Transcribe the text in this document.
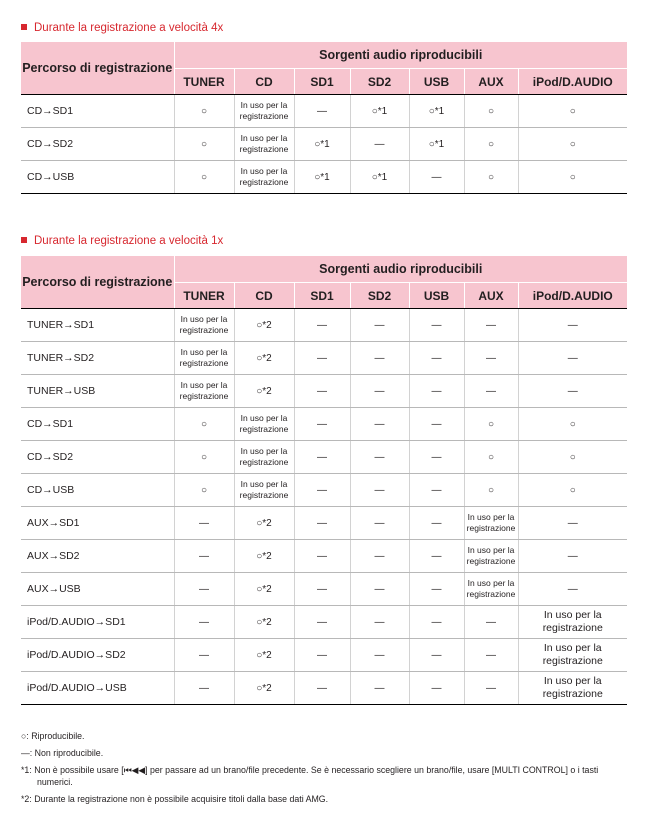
Durante la registrazione a velocità 4x
Percorso di registrazione	Sorgenti audio riproducibili						
	TUNER	CD	SD1	SD2	USB	AUX	iPod/D.AUDIO
CD→SD1	○	In uso per la registrazione	—	○*1	○*1	○	○
CD→SD2	○	In uso per la registrazione	○*1	—	○*1	○	○
CD→USB	○	In uso per la registrazione	○*1	○*1	—	○	○
Durante la registrazione a velocità 1x
Percorso di registrazione	Sorgenti audio riproducibili						
	TUNER	CD	SD1	SD2	USB	AUX	iPod/D.AUDIO
TUNER→SD1	In uso per la registrazione	○*2	—	—	—	—	—
TUNER→SD2	In uso per la registrazione	○*2	—	—	—	—	—
TUNER→USB	In uso per la registrazione	○*2	—	—	—	—	—
CD→SD1	○	In uso per la registrazione	—	—	—	○	○
CD→SD2	○	In uso per la registrazione	—	—	—	○	○
CD→USB	○	In uso per la registrazione	—	—	—	○	○
AUX→SD1	—	○*2	—	—	—	In uso per la registrazione	—
AUX→SD2	—	○*2	—	—	—	In uso per la registrazione	—
AUX→USB	—	○*2	—	—	—	In uso per la registrazione	—
iPod/D.AUDIO→SD1	—	○*2	—	—	—	—	In uso per la registrazione
iPod/D.AUDIO→SD2	—	○*2	—	—	—	—	In uso per la registrazione
iPod/D.AUDIO→USB	—	○*2	—	—	—	—	In uso per la registrazione

○: Riproducibile.

—: Non riproducibile.

*1: Non è possibile usare [⏮◀◀] per passare ad un brano/file precedente. Se è necessario scegliere un brano/file, usare [MULTI CONTROL] o i tasti numerici.

*2: Durante la registrazione non è possibile acquisire titoli dalla base dati AMG.
